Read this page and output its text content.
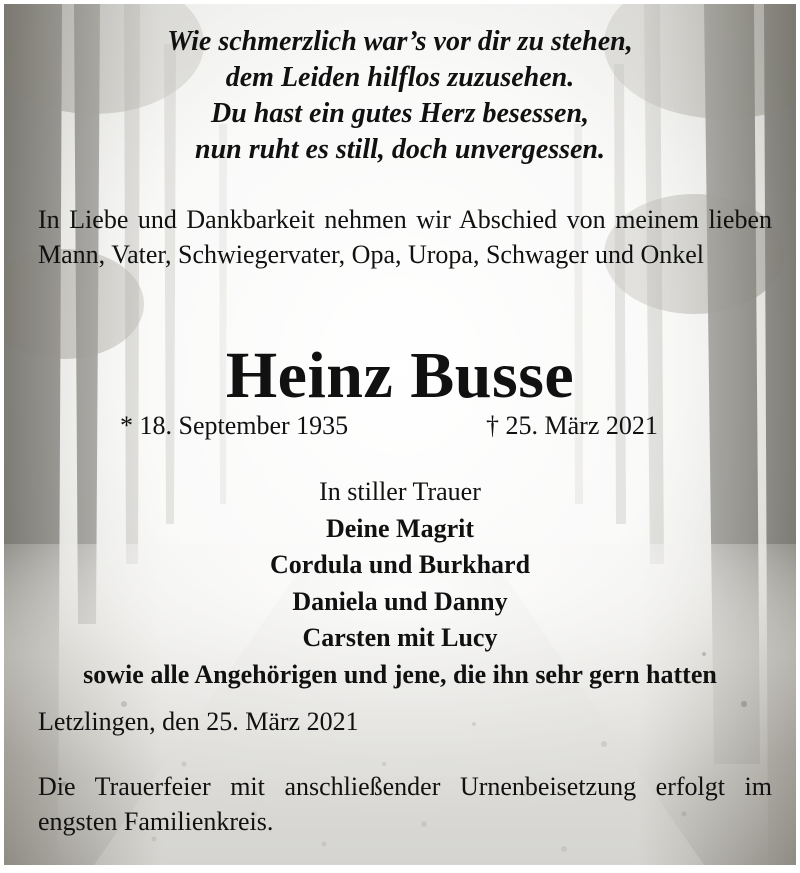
Wie schmerzlich war’s vor dir zu stehen,
dem Leiden hilflos zuzusehen.
Du hast ein gutes Herz besessen,
nun ruht es still, doch unvergessen.
In Liebe und Dankbarkeit nehmen wir Abschied von meinem lieben Mann, Vater, Schwiegervater, Opa, Uropa, Schwager und Onkel
Heinz Busse
* 18. September 1935	† 25. März 2021
In stiller Trauer
Deine Magrit
Cordula und Burkhard
Daniela und Danny
Carsten mit Lucy
sowie alle Angehörigen und jene, die ihn sehr gern hatten
Letzlingen, den 25. März 2021
Die Trauerfeier mit anschließender Urnenbeisetzung erfolgt im engsten Familienkreis.
